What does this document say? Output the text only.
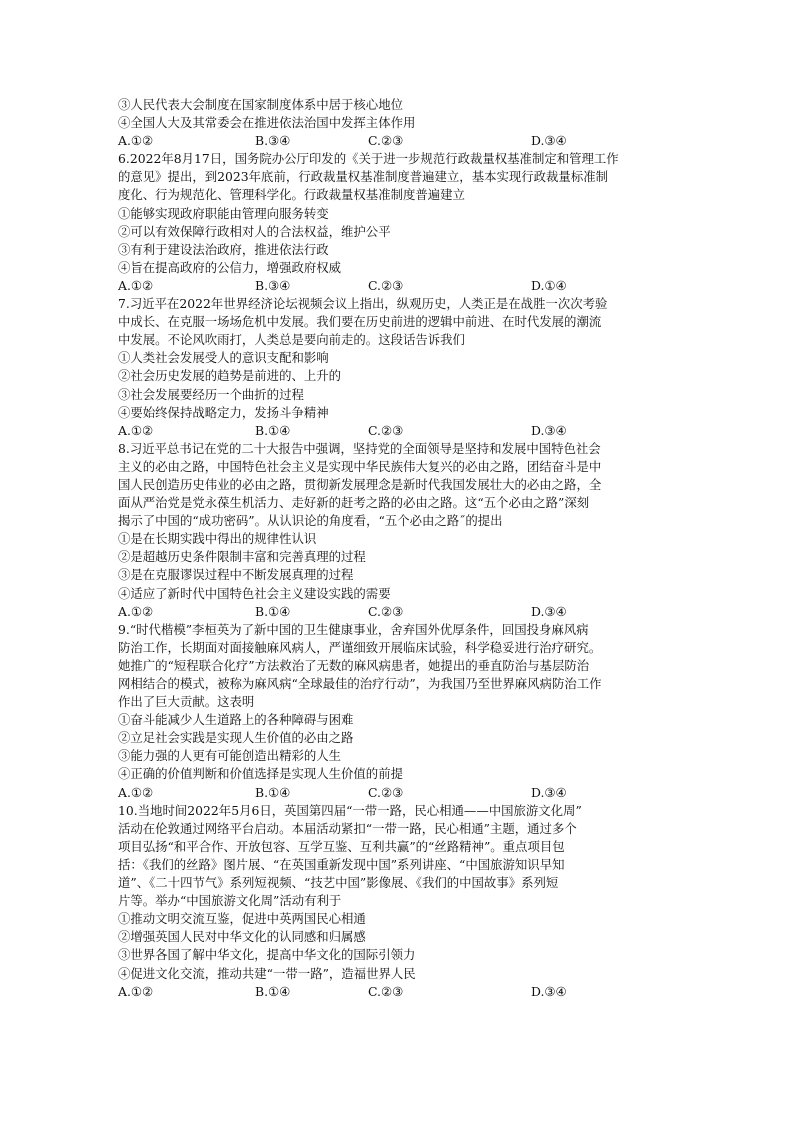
③人民代表大会制度在国家制度体系中居于核心地位
④全国人大及其常委会在推进依法治国中发挥主体作用
A.①②	B.③④	C.②③	D.③④
6.2022年8月17日，国务院办公厅印发的《关于进一步规范行政裁量权基准制定和管理工作
的意见》提出，到2023年底前，行政裁量权基准制度普遍建立，基本实现行政裁量标准制
度化、行为规范化、管理科学化。行政裁量权基准制度普遍建立
①能够实现政府职能由管理向服务转变
②可以有效保障行政相对人的合法权益，维护公平
③有利于建设法治政府，推进依法行政
④旨在提高政府的公信力，增强政府权威
A.①②	B.③④	C.②③	D.①④
7.习近平在2022年世界经济论坛视频会议上指出，纵观历史，人类正是在战胜一次次考验
中成长、在克服一场场危机中发展。我们要在历史前进的逻辑中前进、在时代发展的潮流
中发展。不论风吹雨打，人类总是要向前走的。这段话告诉我们
①人类社会发展受人的意识支配和影响
②社会历史发展的趋势是前进的、上升的
③社会发展要经历一个曲折的过程
④要始终保持战略定力，发扬斗争精神
A.①②	B.①④	C.②③	D.③④
8.习近平总书记在党的二十大报告中强调，坚持党的全面领导是坚持和发展中国特色社会
主义的必由之路，中国特色社会主义是实现中华民族伟大复兴的必由之路，团结奋斗是中
国人民创造历史伟业的必由之路，贯彻新发展理念是新时代我国发展壮大的必由之路，全
面从严治党是党永葆生机活力、走好新的赶考之路的必由之路。这“五个必由之路”深刻
揭示了中国的“成功密码”。从认识论的角度看，“五个必由之路˝的提出
①是在长期实践中得出的规律性认识
②是超越历史条件限制丰富和完善真理的过程
③是在克服谬误过程中不断发展真理的过程
④适应了新时代中国特色社会主义建设实践的需要
A.①②	B.①④	C.②③	D.③④
9.“时代楷模”李桓英为了新中国的卫生健康事业，舍弃国外优厚条件，回国投身麻风病
防治工作，长期面对面接触麻风病人，严谨细致开展临床试验，科学稳妥进行治疗研究。
她推广的“短程联合化疗”方法救治了无数的麻风病患者，她提出的垂直防治与基层防治
网相结合的模式，被称为麻风病“全球最佳的治疗行动”，为我国乃至世界麻风病防治工作
作出了巨大贡献。这表明
①奋斗能减少人生道路上的各种障碍与困难
②立足社会实践是实现人生价值的必由之路
③能力强的人更有可能创造出精彩的人生
④正确的价值判断和价值选择是实现人生价值的前提
A.①②	B.①④	C.②③	D.③④
10.当地时间2022年5月6日，英国第四届“一带一路，民心相通——中国旅游文化周”
活动在伦敦通过网络平台启动。本届活动紧扣“一带一路，民心相通”主题，通过多个
项目弘扬“和平合作、开放包容、互学互鉴、互利共赢”的“丝路精神”。重点项目包
括：《我们的丝路》图片展、“在英国重新发现中国”系列讲座、“中国旅游知识早知
道”、《二十四节气》系列短视频、“技艺中国”影像展、《我们的中国故事》系列短
片等。举办“中国旅游文化周”活动有利于
①推动文明交流互鉴，促进中英两国民心相通
②增强英国人民对中华文化的认同感和归属感
③世界各国了解中华文化，提高中华文化的国际引领力
④促进文化交流，推动共建“一带一路”，造福世界人民
A.①②	B.①④	C.②③	D.③④
